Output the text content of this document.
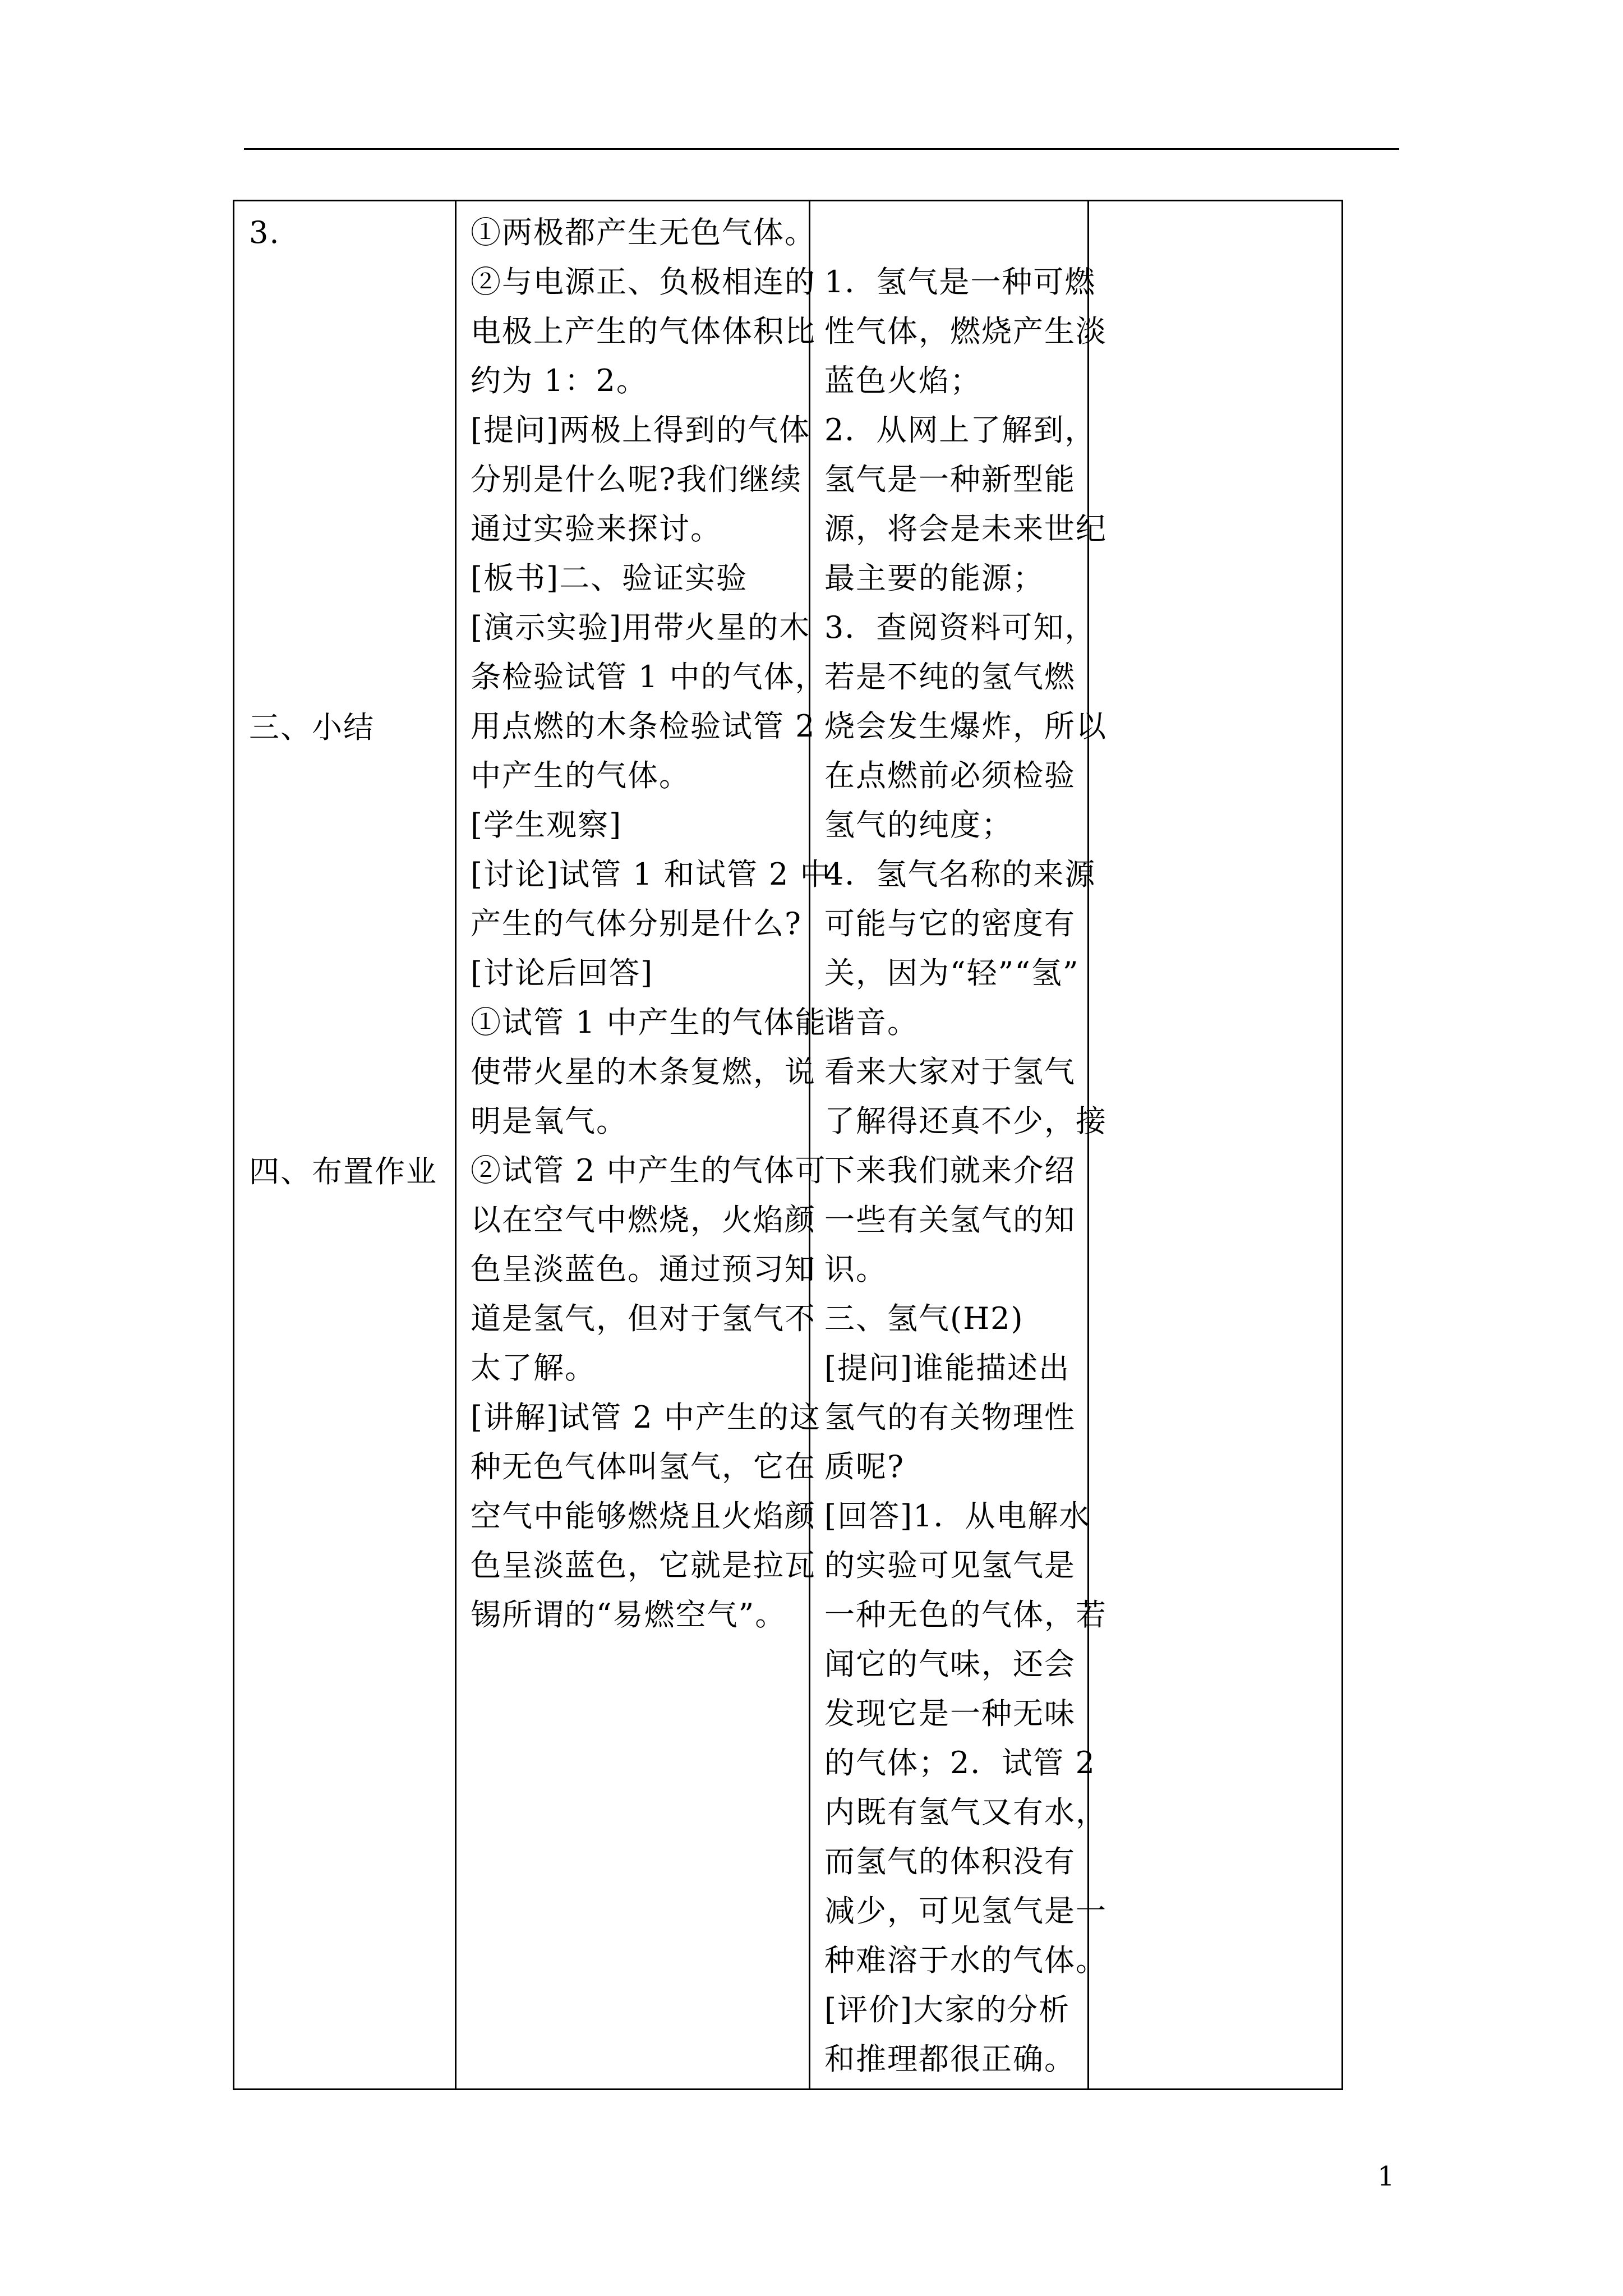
3.
三、小结
四、布置作业
①两极都产生无色气体。
②与电源正、负极相连的
电极上产生的气体体积比
约为 1：2。
[提问]两极上得到的气体
分别是什么呢?我们继续
通过实验来探讨。
[板书]二、验证实验
[演示实验]用带火星的木
条检验试管 1 中的气体，
用点燃的木条检验试管 2
中产生的气体。
[学生观察]
[讨论]试管 1 和试管 2 中
产生的气体分别是什么?
[讨论后回答]
①试管 1 中产生的气体能
使带火星的木条复燃，说
明是氧气。
②试管 2 中产生的气体可
以在空气中燃烧，火焰颜
色呈淡蓝色。通过预习知
道是氢气，但对于氢气不
太了解。
[讲解]试管 2 中产生的这
种无色气体叫氢气，它在
空气中能够燃烧且火焰颜
色呈淡蓝色，它就是拉瓦
锡所谓的“易燃空气”。
1．氢气是一种可燃
性气体，燃烧产生淡
蓝色火焰；
2．从网上了解到，
氢气是一种新型能
源，将会是未来世纪
最主要的能源；
3．查阅资料可知，
若是不纯的氢气燃
烧会发生爆炸，所以
在点燃前必须检验
氢气的纯度；
4．氢气名称的来源
可能与它的密度有
关，因为“轻”“氢”
谐音。
看来大家对于氢气
了解得还真不少，接
下来我们就来介绍
一些有关氢气的知
识。
三、氢气(H2)
[提问]谁能描述出
氢气的有关物理性
质呢?
[回答]1．从电解水
的实验可见氢气是
一种无色的气体，若
闻它的气味，还会
发现它是一种无味
的气体；2．试管 2
内既有氢气又有水，
而氢气的体积没有
减少，可见氢气是一
种难溶于水的气体。
[评价]大家的分析
和推理都很正确。
1
